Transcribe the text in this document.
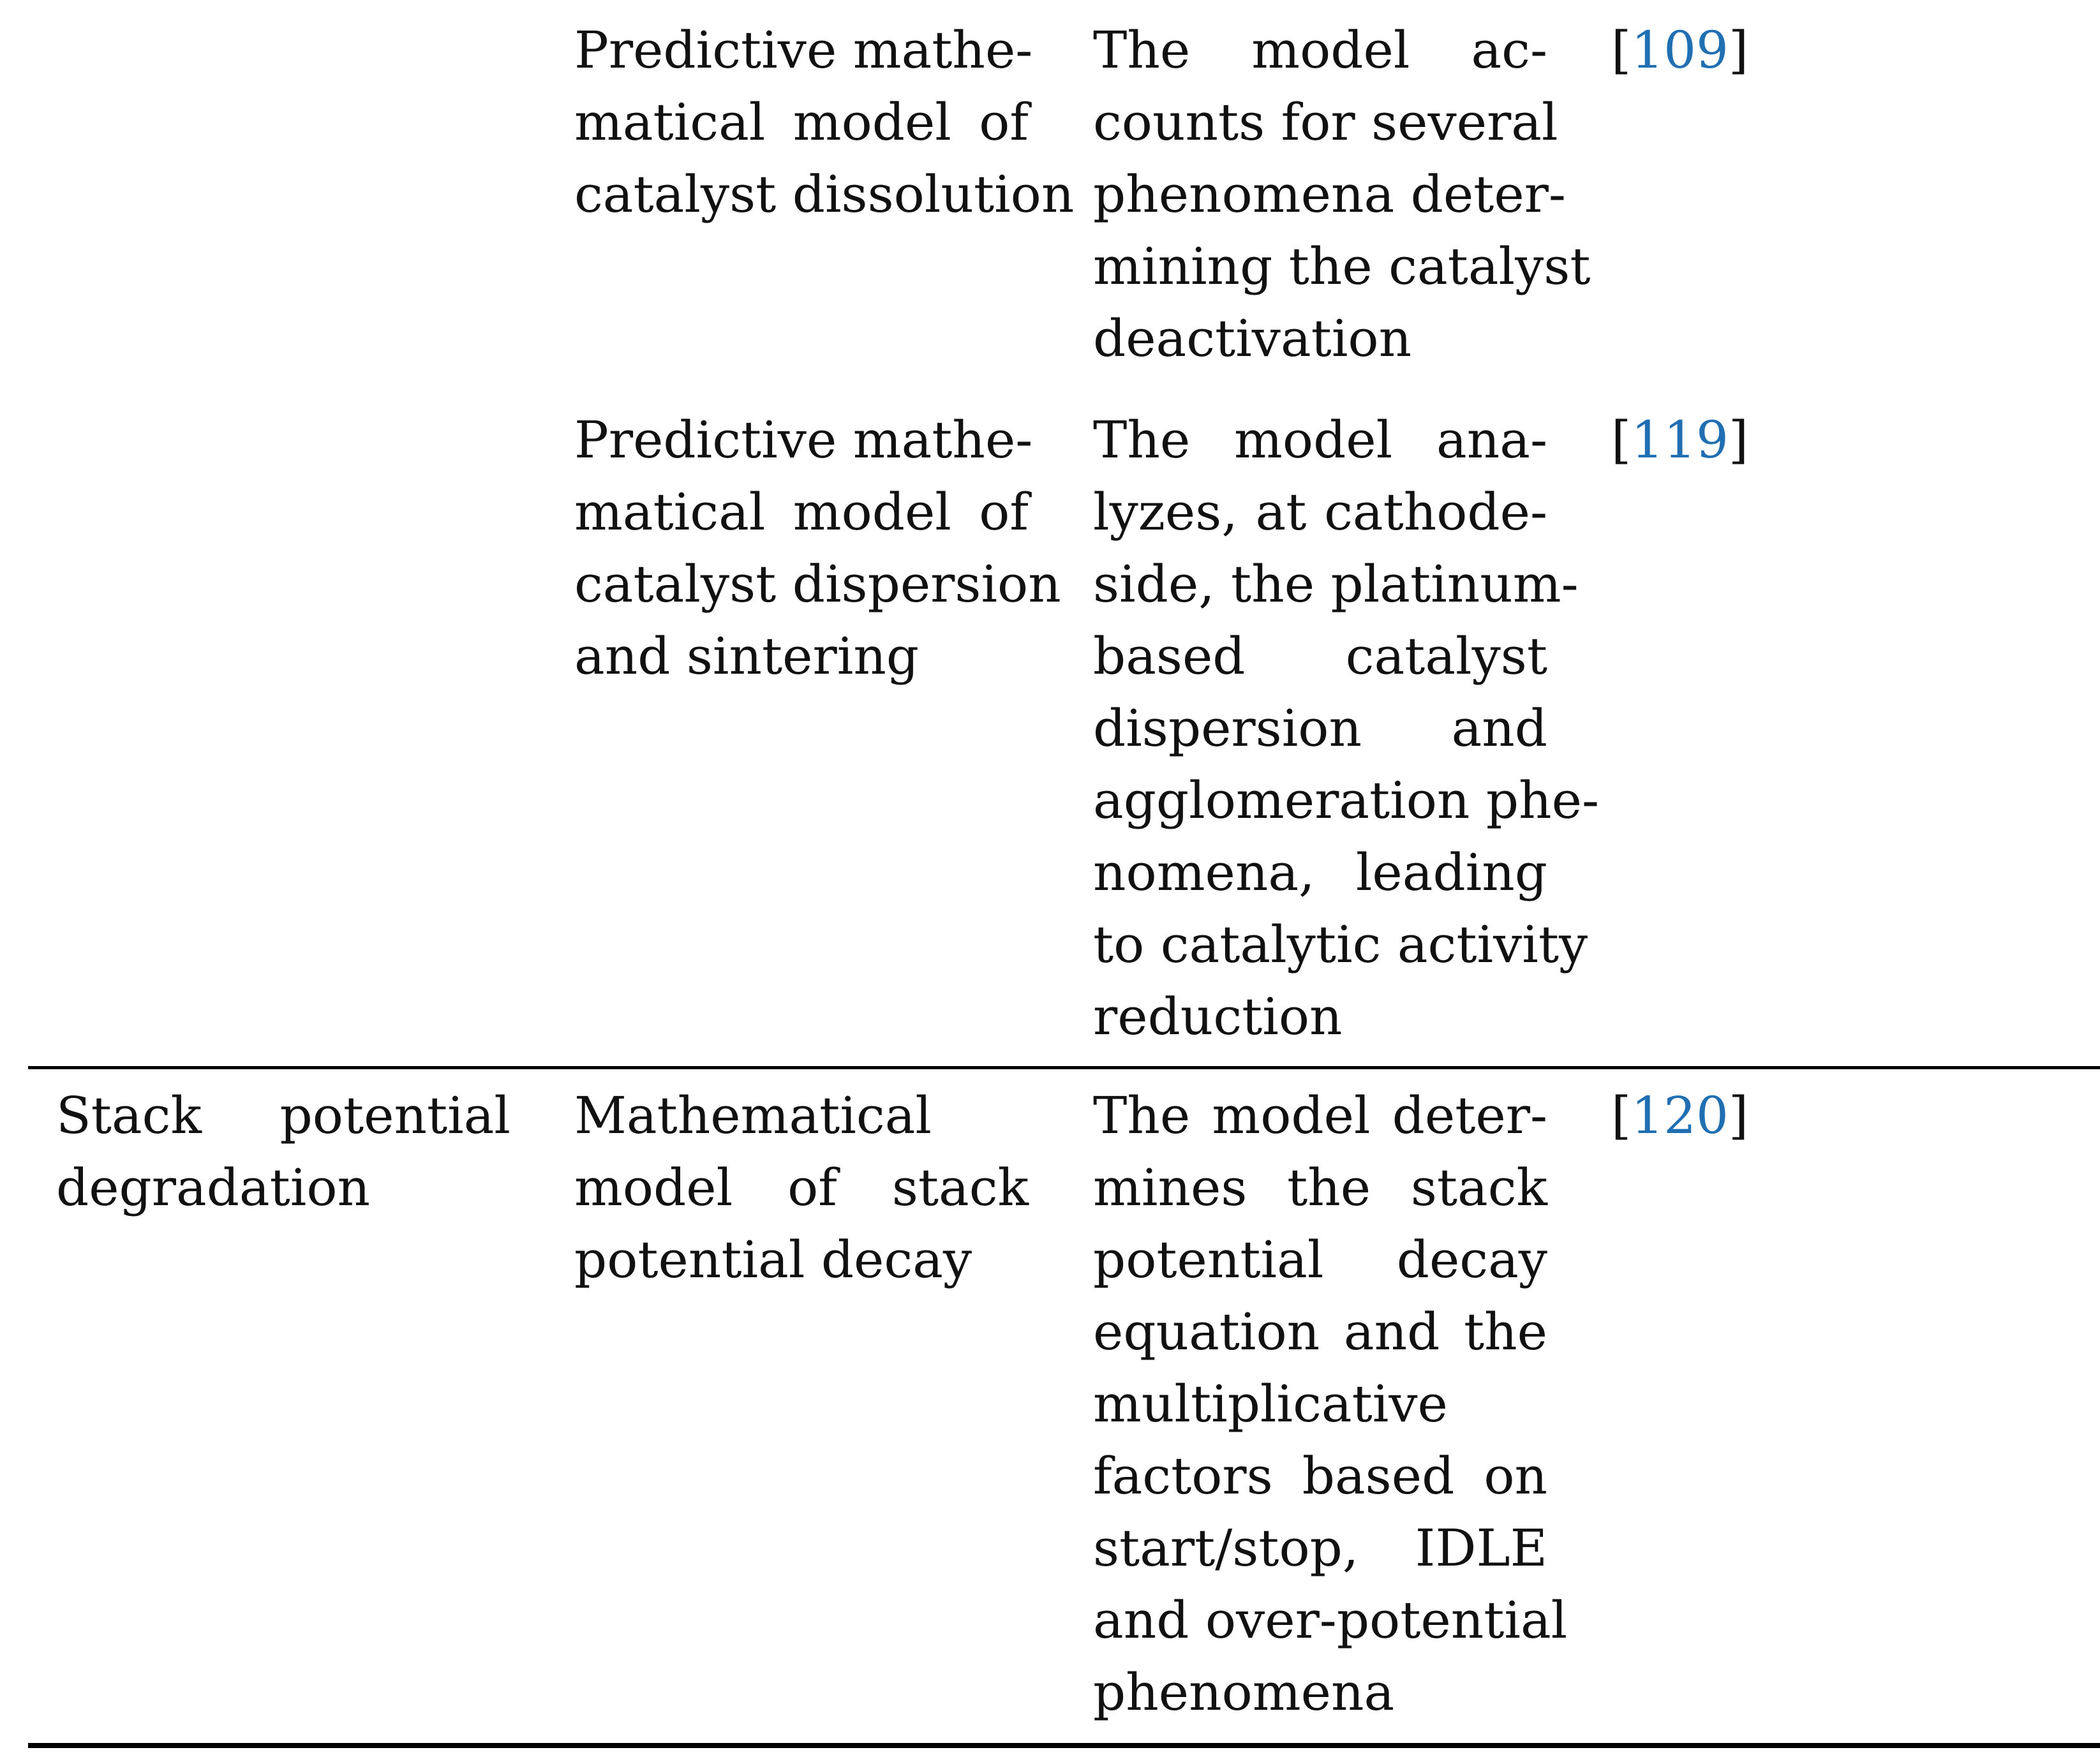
Predictive mathe-
matical model of
catalyst dissolution
The model ac-
counts for several
phenomena deter-
mining the catalyst
deactivation
[109]
Predictive mathe-
matical model of
catalyst dispersion
and sintering
The model ana-
lyzes, at cathode-
side, the platinum-
based catalyst
dispersion and
agglomeration phe-
nomena, leading
to catalytic activity
reduction
[119]
Stack potential
degradation
Mathematical
model of stack
potential decay
The model deter-
mines the stack
potential decay
equation and the
multiplicative
factors based on
start/stop, IDLE
and over-potential
phenomena
[120]
